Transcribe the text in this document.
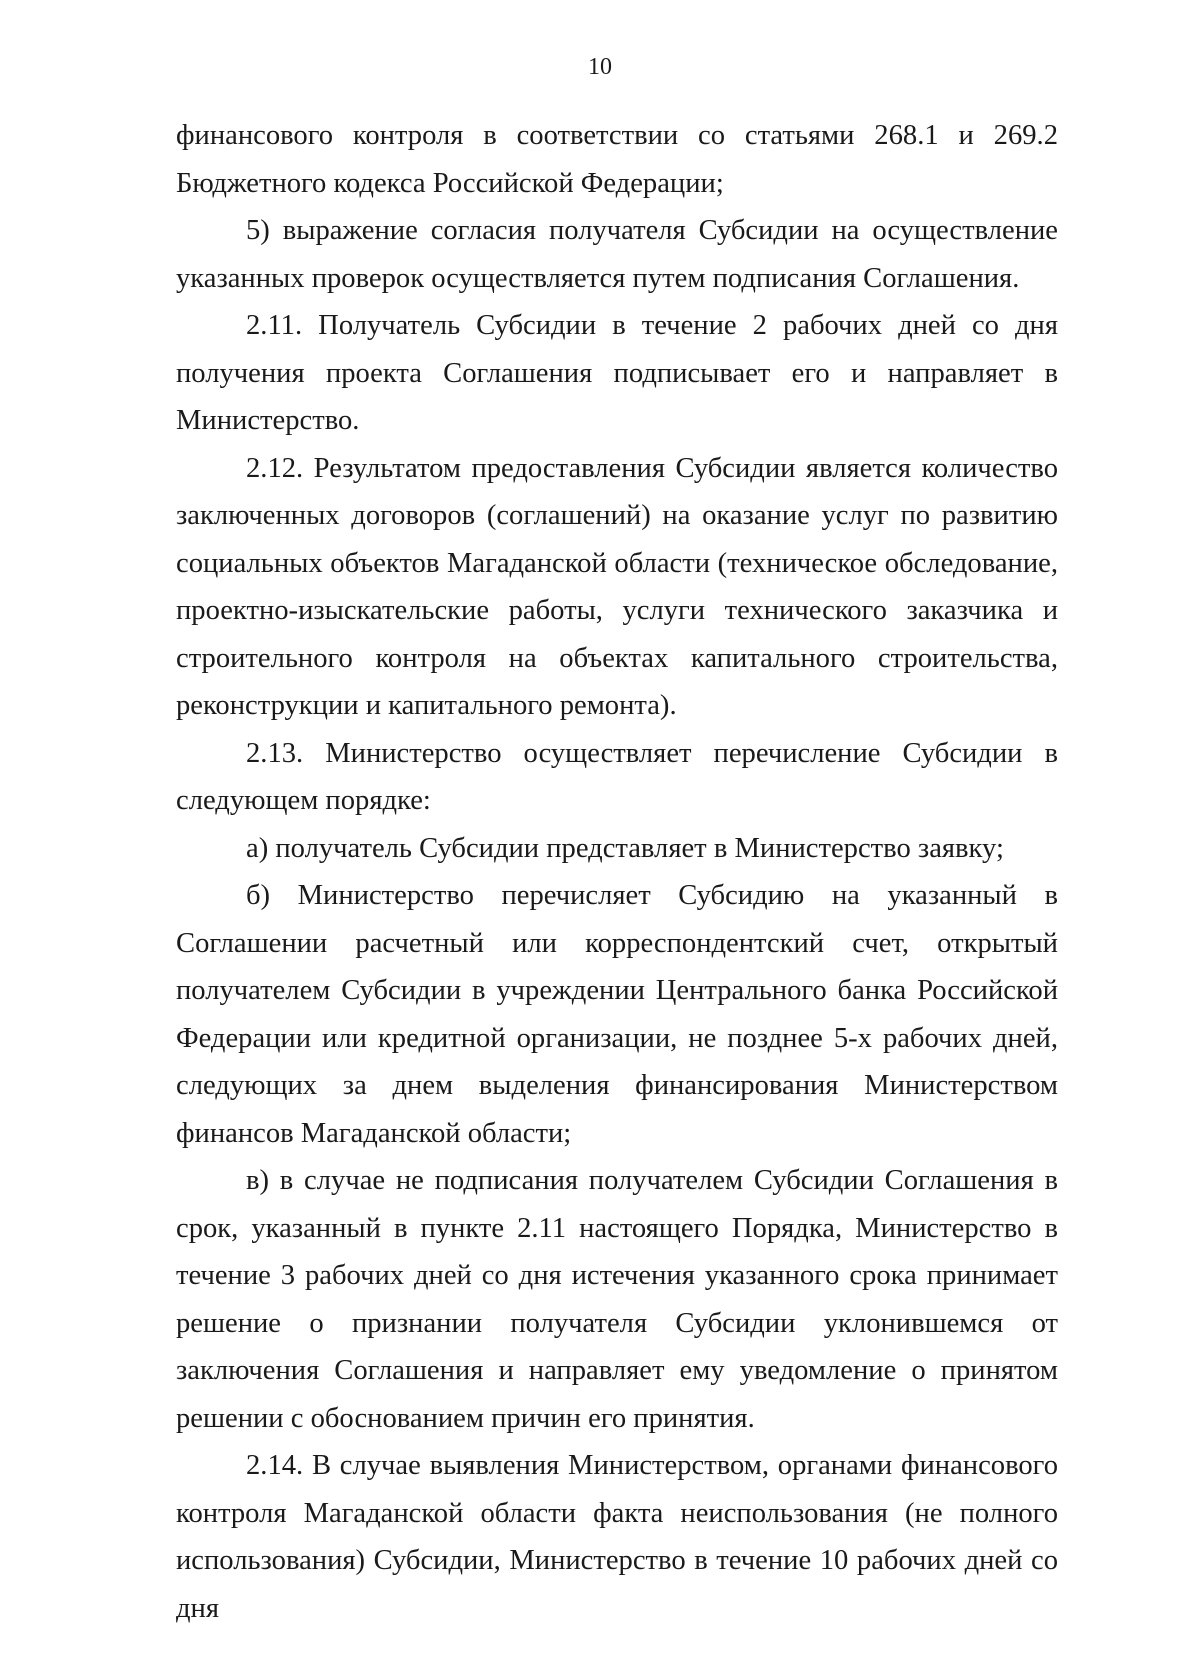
10

финансового контроля в соответствии со статьями 268.1 и 269.2 Бюджетного кодекса Российской Федерации;

5) выражение согласия получателя Субсидии на осуществление указанных проверок осуществляется путем подписания Соглашения.

2.11. Получатель Субсидии в течение 2 рабочих дней со дня получения проекта Соглашения подписывает его и направляет в Министерство.

2.12. Результатом предоставления Субсидии является количество заключенных договоров (соглашений) на оказание услуг по развитию социальных объектов Магаданской области (техническое обследование, проектно-изыскательские работы, услуги технического заказчика и строительного контроля на объектах капитального строительства, реконструкции и капитального ремонта).

2.13. Министерство осуществляет перечисление Субсидии в следующем порядке:

а) получатель Субсидии представляет в Министерство заявку;

б) Министерство перечисляет Субсидию на указанный в Соглашении расчетный или корреспондентский счет, открытый получателем Субсидии в учреждении Центрального банка Российской Федерации или кредитной организации, не позднее 5-х рабочих дней, следующих за днем выделения финансирования Министерством финансов Магаданской области;

в) в случае не подписания получателем Субсидии Соглашения в срок, указанный в пункте 2.11 настоящего Порядка, Министерство в течение 3 рабочих дней со дня истечения указанного срока принимает решение о признании получателя Субсидии уклонившемся от заключения Соглашения и направляет ему уведомление о принятом решении с обоснованием причин его принятия.

2.14. В случае выявления Министерством, органами финансового контроля Магаданской области факта неиспользования (не полного использования) Субсидии, Министерство в течение 10 рабочих дней со дня
